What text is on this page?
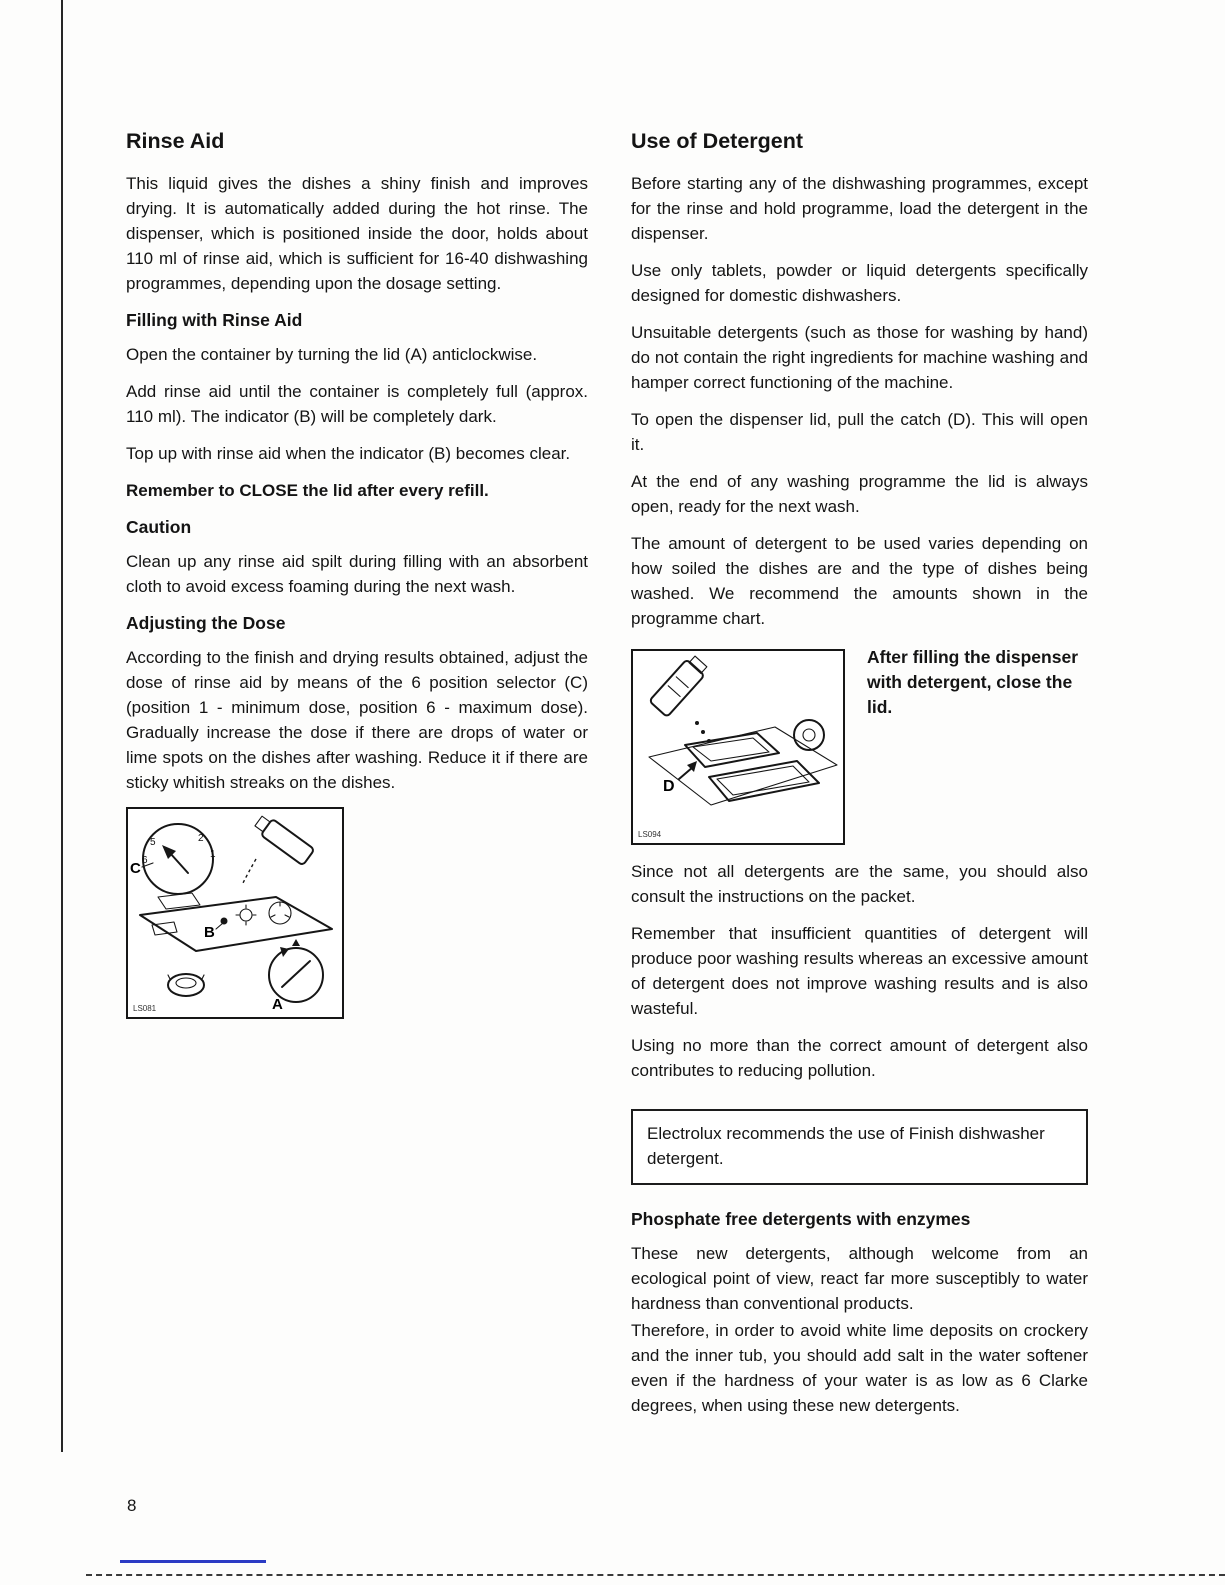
Rinse Aid

This liquid gives the dishes a shiny finish and improves drying. It is automatically added during the hot rinse. The dispenser, which is positioned inside the door, holds about 110 ml of rinse aid, which is sufficient for 16-40 dishwashing programmes, depending upon the dosage setting.

Filling with Rinse Aid

Open the container by turning the lid (A) anticlockwise.

Add rinse aid until the container is completely full (approx. 110 ml). The indicator (B) will be completely dark.

Top up with rinse aid when the indicator (B) becomes clear.

Remember to CLOSE the lid after every refill.

Caution

Clean up any rinse aid spilt during filling with an absorbent cloth to avoid excess foaming during the next wash.

Adjusting the Dose

According to the finish and drying results obtained, adjust the dose of rinse aid by means of the 6 position selector (C) (position 1 - minimum dose, position 6 - maximum dose). Gradually increase the dose if there are drops of water or lime spots on the dishes after washing. Reduce it if there are sticky whitish streaks on the dishes.

6
5	2
1
C
B
A
LS081
Use of Detergent

Before starting any of the dishwashing programmes, except for the rinse and hold programme, load the detergent in the dispenser.

Use only tablets, powder or liquid detergents specifically designed for domestic dishwashers.

Unsuitable detergents (such as those for washing by hand) do not contain the right ingredients for machine washing and hamper correct functioning of the machine.

To open the dispenser lid, pull the catch (D). This will open it.

At the end of any washing programme the lid is always open, ready for the next wash.

The amount of detergent to be used varies depending on how soiled the dishes are and the type of dishes being washed. We recommend the amounts shown in the programme chart.

D
LS094
After filling the dispenser with detergent, close the lid.

Since not all detergents are the same, you should also consult the instructions on the packet.

Remember that insufficient quantities of detergent will produce poor washing results whereas an excessive amount of detergent does not improve washing results and is also wasteful.

Using no more than the correct amount of detergent also contributes to reducing pollution.

Electrolux recommends the use of Finish dishwasher detergent.
Phosphate free detergents with enzymes

These new detergents, although welcome from an ecological point of view, react far more susceptibly to water hardness than conventional products.

Therefore, in order to avoid white lime deposits on crockery and the inner tub, you should add salt in the water softener even if the hardness of your water is as low as 6 Clarke degrees, when using these new detergents.

8
